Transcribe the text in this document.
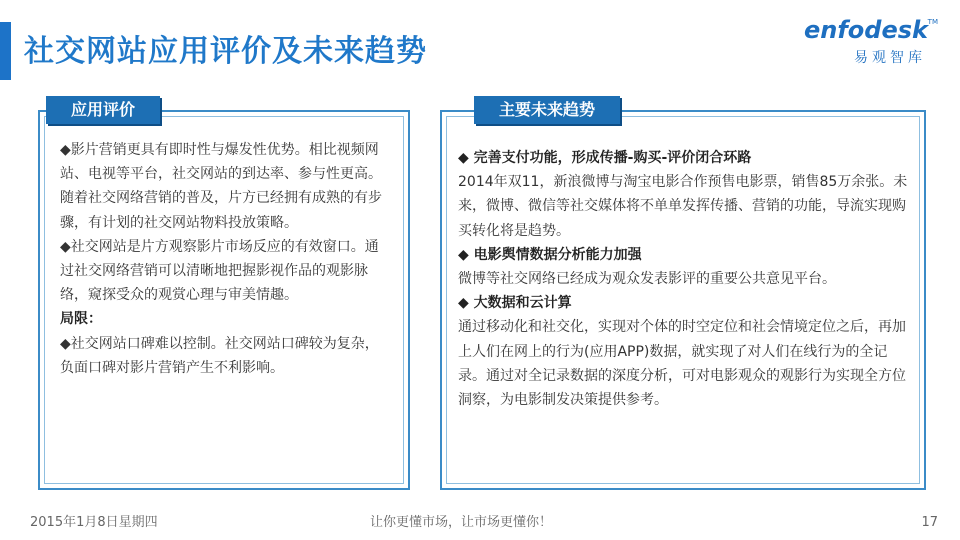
社交网站应用评价及未来趋势
enfodesk TM
易观智库
应用评价

◆影片营销更具有即时性与爆发性优势。相比视频网站、电视等平台，社交网站的到达率、参与性更高。随着社交网络营销的普及，片方已经拥有成熟的有步骤，有计划的社交网站物料投放策略。

◆社交网站是片方观察影片市场反应的有效窗口。通过社交网络营销可以清晰地把握影视作品的观影脉络，窥探受众的观赏心理与审美情趣。

局限：

◆社交网站口碑难以控制。社交网站口碑较为复杂，负面口碑对影片营销产生不利影响。

主要未来趋势

◆ 完善支付功能，形成传播-购买-评价闭合环路

2014年双11，新浪微博与淘宝电影合作预售电影票，销售85万余张。未来，微博、微信等社交媒体将不单单发挥传播、营销的功能，导流实现购买转化将是趋势。

◆ 电影舆情数据分析能力加强

微博等社交网络已经成为观众发表影评的重要公共意见平台。

◆ 大数据和云计算

通过移动化和社交化，实现对个体的时空定位和社会情境定位之后，再加上人们在网上的行为(应用APP)数据，就实现了对人们在线行为的全记录。通过对全记录数据的深度分析，可对电影观众的观影行为实现全方位洞察，为电影制发决策提供参考。

2015年1月8日星期四	让你更懂市场，让市场更懂你！	17
